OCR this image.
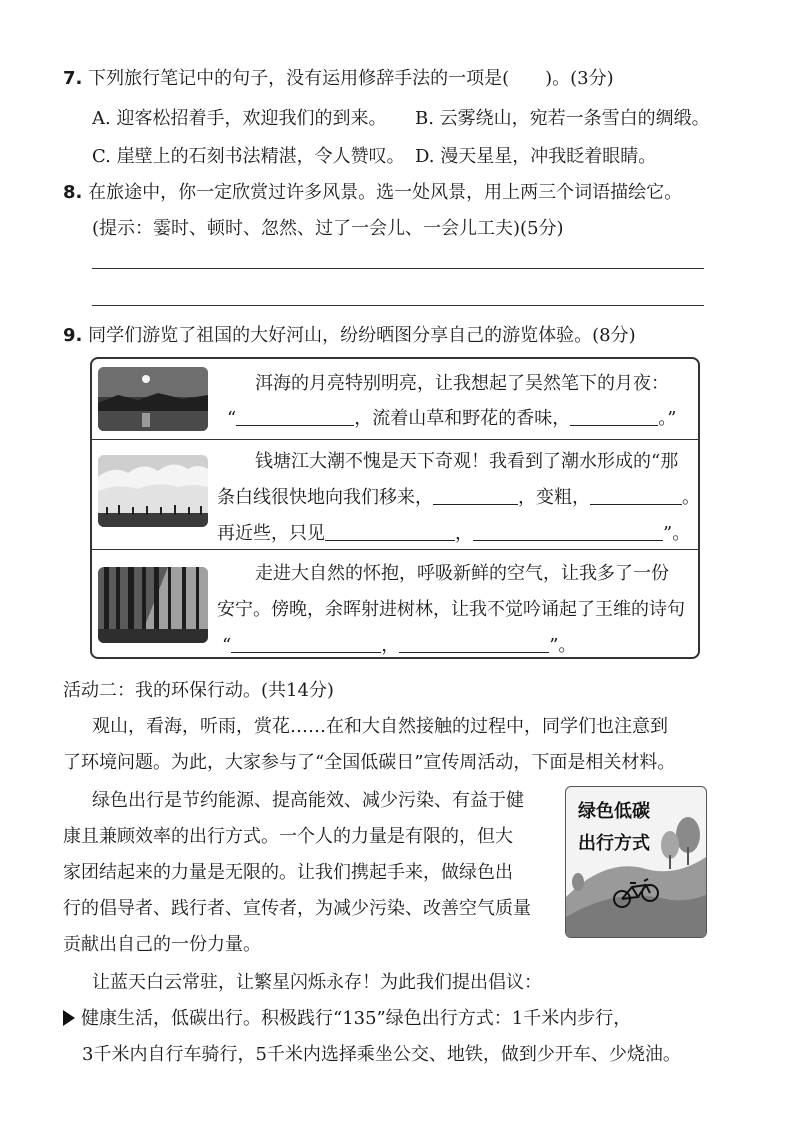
7. 下列旅行笔记中的句子，没有运用修辞手法的一项是(　　)。(3分)
A. 迎客松招着手，欢迎我们的到来。 B. 云雾绕山，宛若一条雪白的绸缎。
C. 崖壁上的石刻书法精湛，令人赞叹。 D. 漫天星星，冲我眨着眼睛。
8. 在旅途中，你一定欣赏过许多风景。选一处风景，用上两三个词语描绘它。
(提示：霎时、顿时、忽然、过了一会儿、一会儿工夫)(5分)
9. 同学们游览了祖国的大好河山，纷纷晒图分享自己的游览体验。(8分)
洱海的月亮特别明亮，让我想起了吴然笔下的月夜：
“	，流着山草和野花的香味，	。”
钱塘江大潮不愧是天下奇观！我看到了潮水形成的“那
条白线很快地向我们移来，	，变粗，	。
再近些，只见	，	”。
走进大自然的怀抱，呼吸新鲜的空气，让我多了一份
安宁。傍晚，余晖射进树林，让我不觉吟诵起了王维的诗句
“	，	”。
活动二：我的环保行动。(共14分)
观山，看海，听雨，赏花……在和大自然接触的过程中，同学们也注意到
了环境问题。为此，大家参与了“全国低碳日”宣传周活动，下面是相关材料。
绿色出行是节约能源、提高能效、减少污染、有益于健
康且兼顾效率的出行方式。一个人的力量是有限的，但大
家团结起来的力量是无限的。让我们携起手来，做绿色出
行的倡导者、践行者、宣传者，为减少污染、改善空气质量
贡献出自己的一份力量。
绿色低碳
出行方式
让蓝天白云常驻，让繁星闪烁永存！为此我们提出倡议：
健康生活，低碳出行。积极践行“135”绿色出行方式：1千米内步行，
3千米内自行车骑行，5千米内选择乘坐公交、地铁，做到少开车、少烧油。
